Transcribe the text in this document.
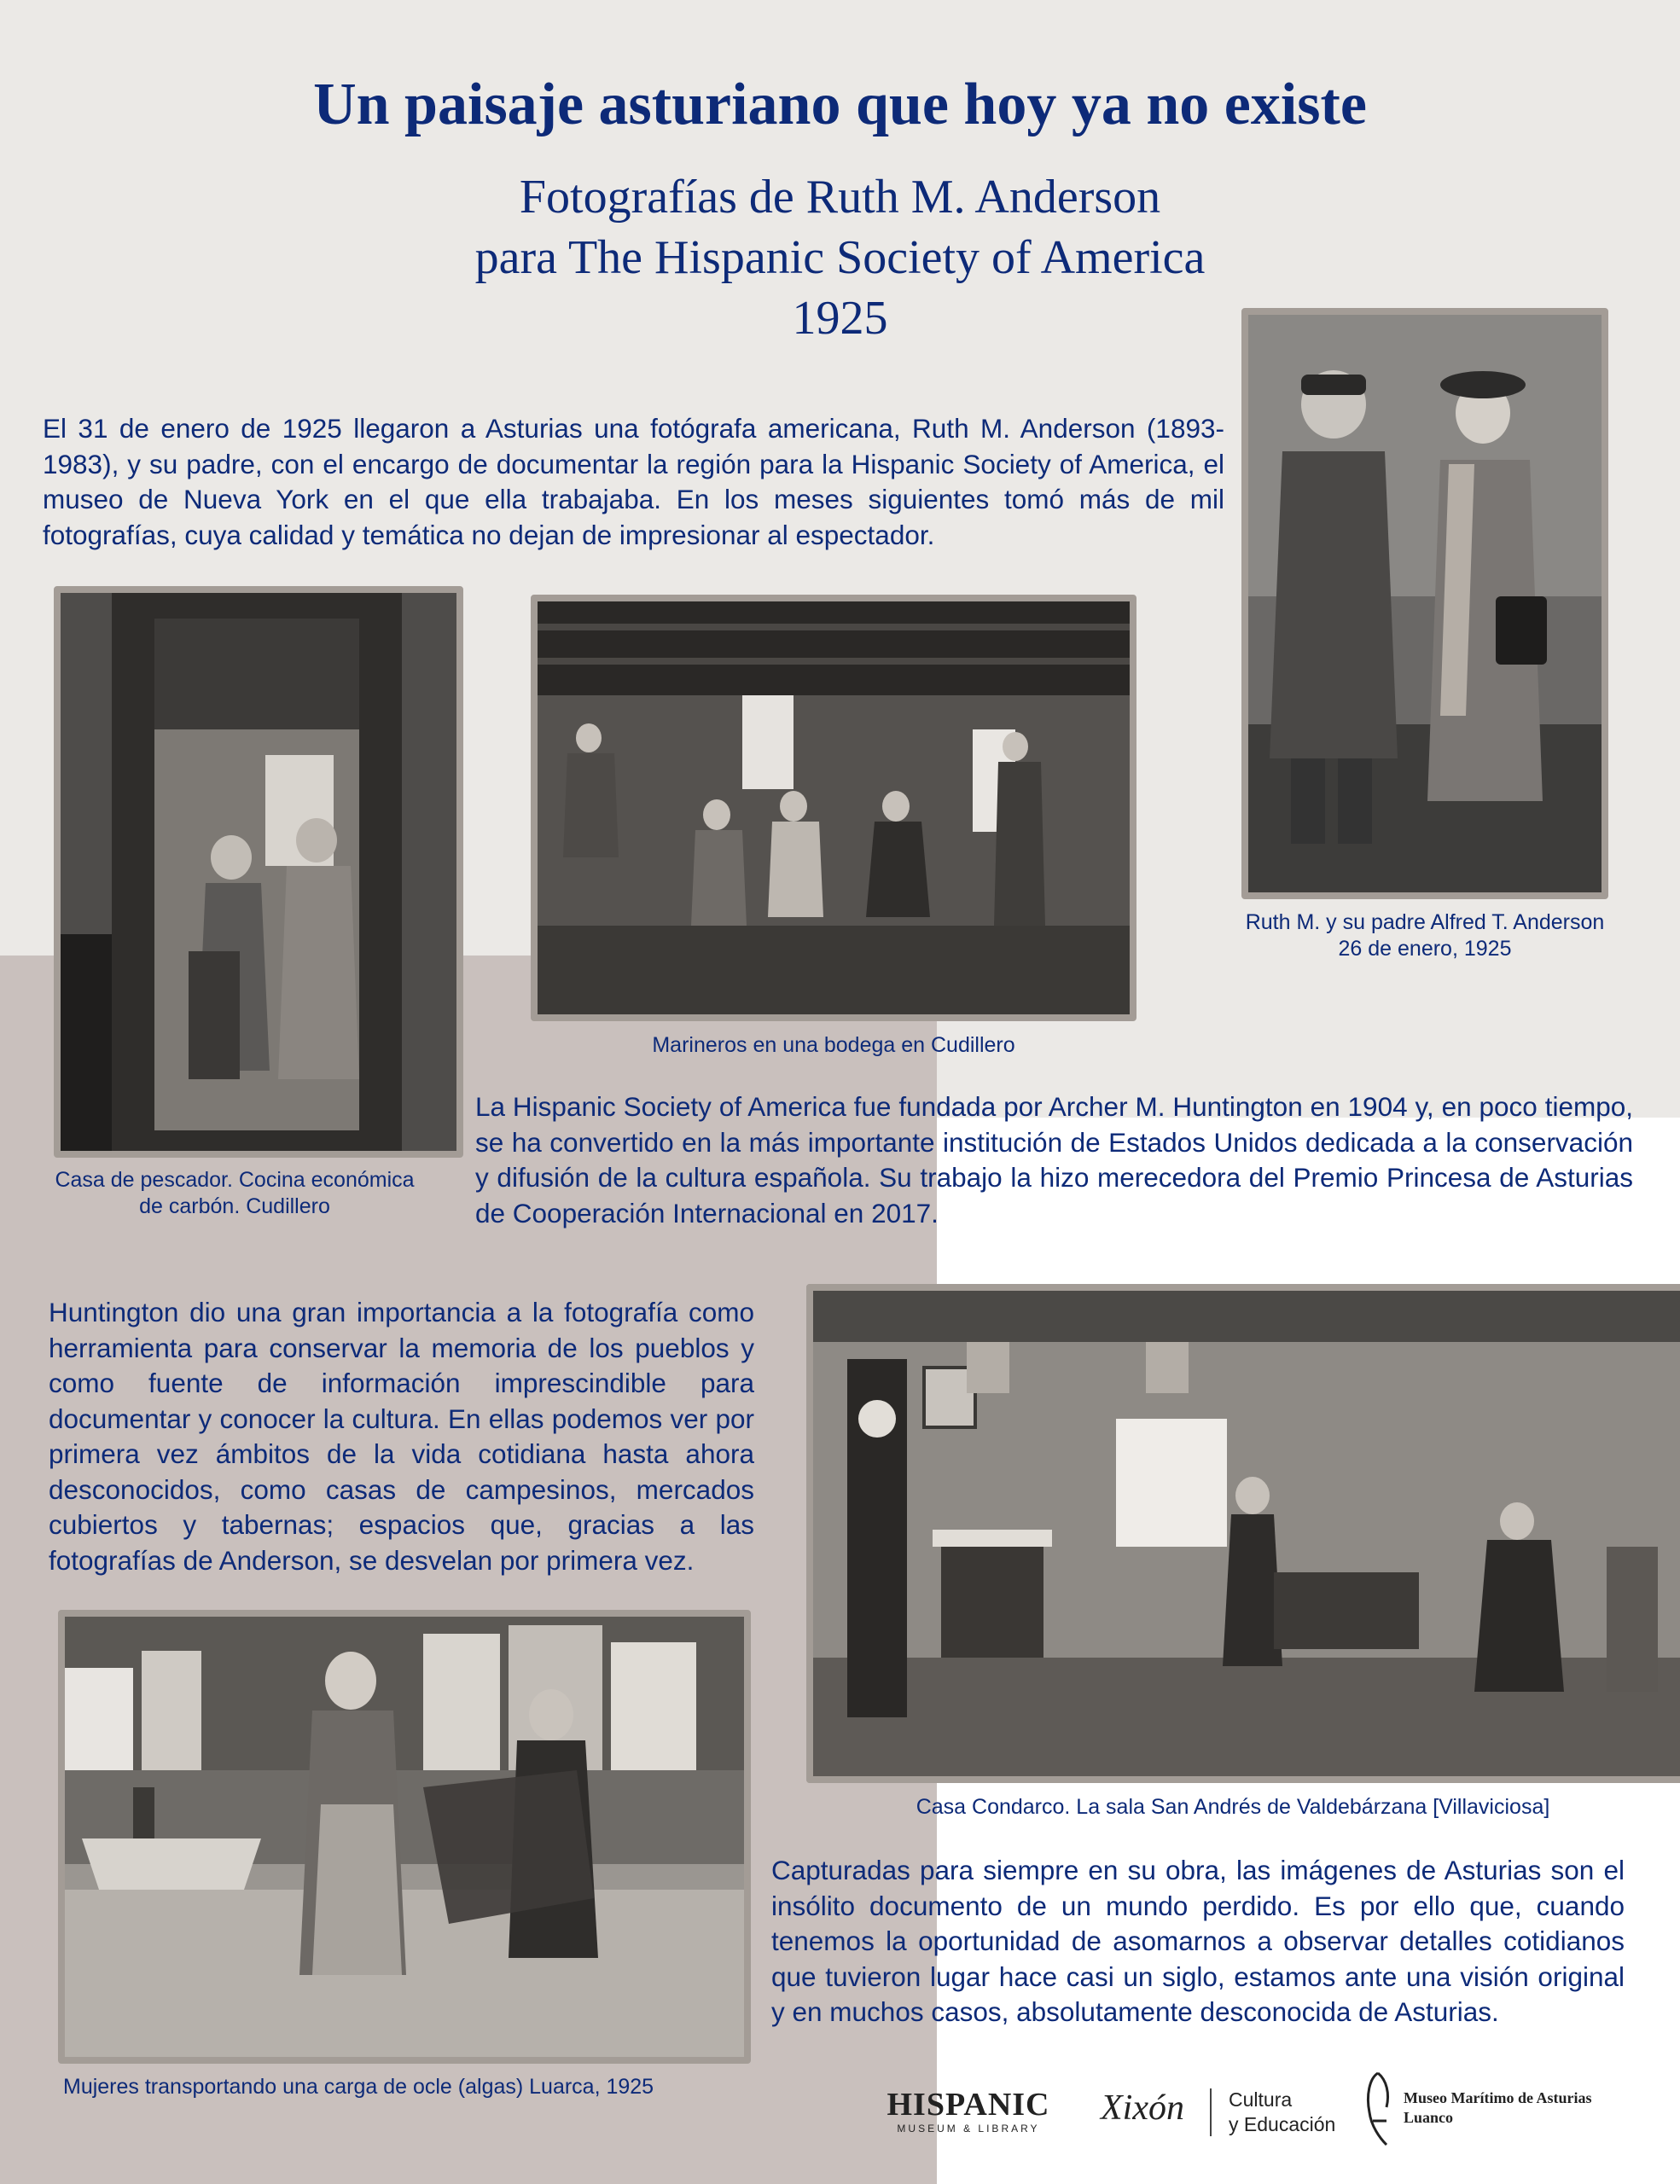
Un paisaje asturiano que hoy ya no existe
Fotografías de Ruth M. Anderson
para The Hispanic Society of America
1925

El 31 de enero de 1925 llegaron a Asturias una fotógrafa americana, Ruth M. Anderson (1893-1983), y su padre, con el encargo de documentar la región para la Hispanic Society of America, el museo de Nueva York en el que ella trabajaba. En los meses siguientes tomó más de mil fotografías, cuya calidad y temática no dejan de impresionar al espectador.

Ruth M. y su padre Alfred T. Anderson
26 de enero, 1925
Casa de pescador. Cocina económica
de carbón. Cudillero
Marineros en una bodega en Cudillero

La Hispanic Society of America fue fundada por Archer M. Huntington en 1904 y, en poco tiempo, se ha convertido en la más importante institución de Estados Unidos dedicada a la conservación y difusión de la cultura española. Su trabajo la hizo merecedora del Premio Princesa de Asturias de Cooperación Internacional en 2017.

Huntington dio una gran importancia a la fotografía como herramienta para conservar la memoria de los pueblos y como fuente de información imprescindible para documentar y conocer la cultura. En ellas podemos ver por primera vez ámbitos de la vida cotidiana hasta ahora desconocidos, como casas de campesinos, mercados cubiertos y tabernas; espacios que, gracias a las fotografías de Anderson, se desvelan por primera vez.

Casa Condarco. La sala San Andrés de Valdebárzana [Villaviciosa]

Capturadas para siempre en su obra, las imágenes de Asturias son el insólito documento de un mundo perdido. Es por ello que, cuando tenemos la oportunidad de asomarnos a observar detalles cotidianos que tuvieron lugar hace casi un siglo, estamos ante una visión original y en muchos casos, absolutamente desconocida de Asturias.

Mujeres transportando una carga de ocle (algas) Luarca, 1925	HISPANIC
MUSEUM & LIBRARY
Xixón	Cultura
y Educación
Museo Marítimo de Asturias
Luanco
